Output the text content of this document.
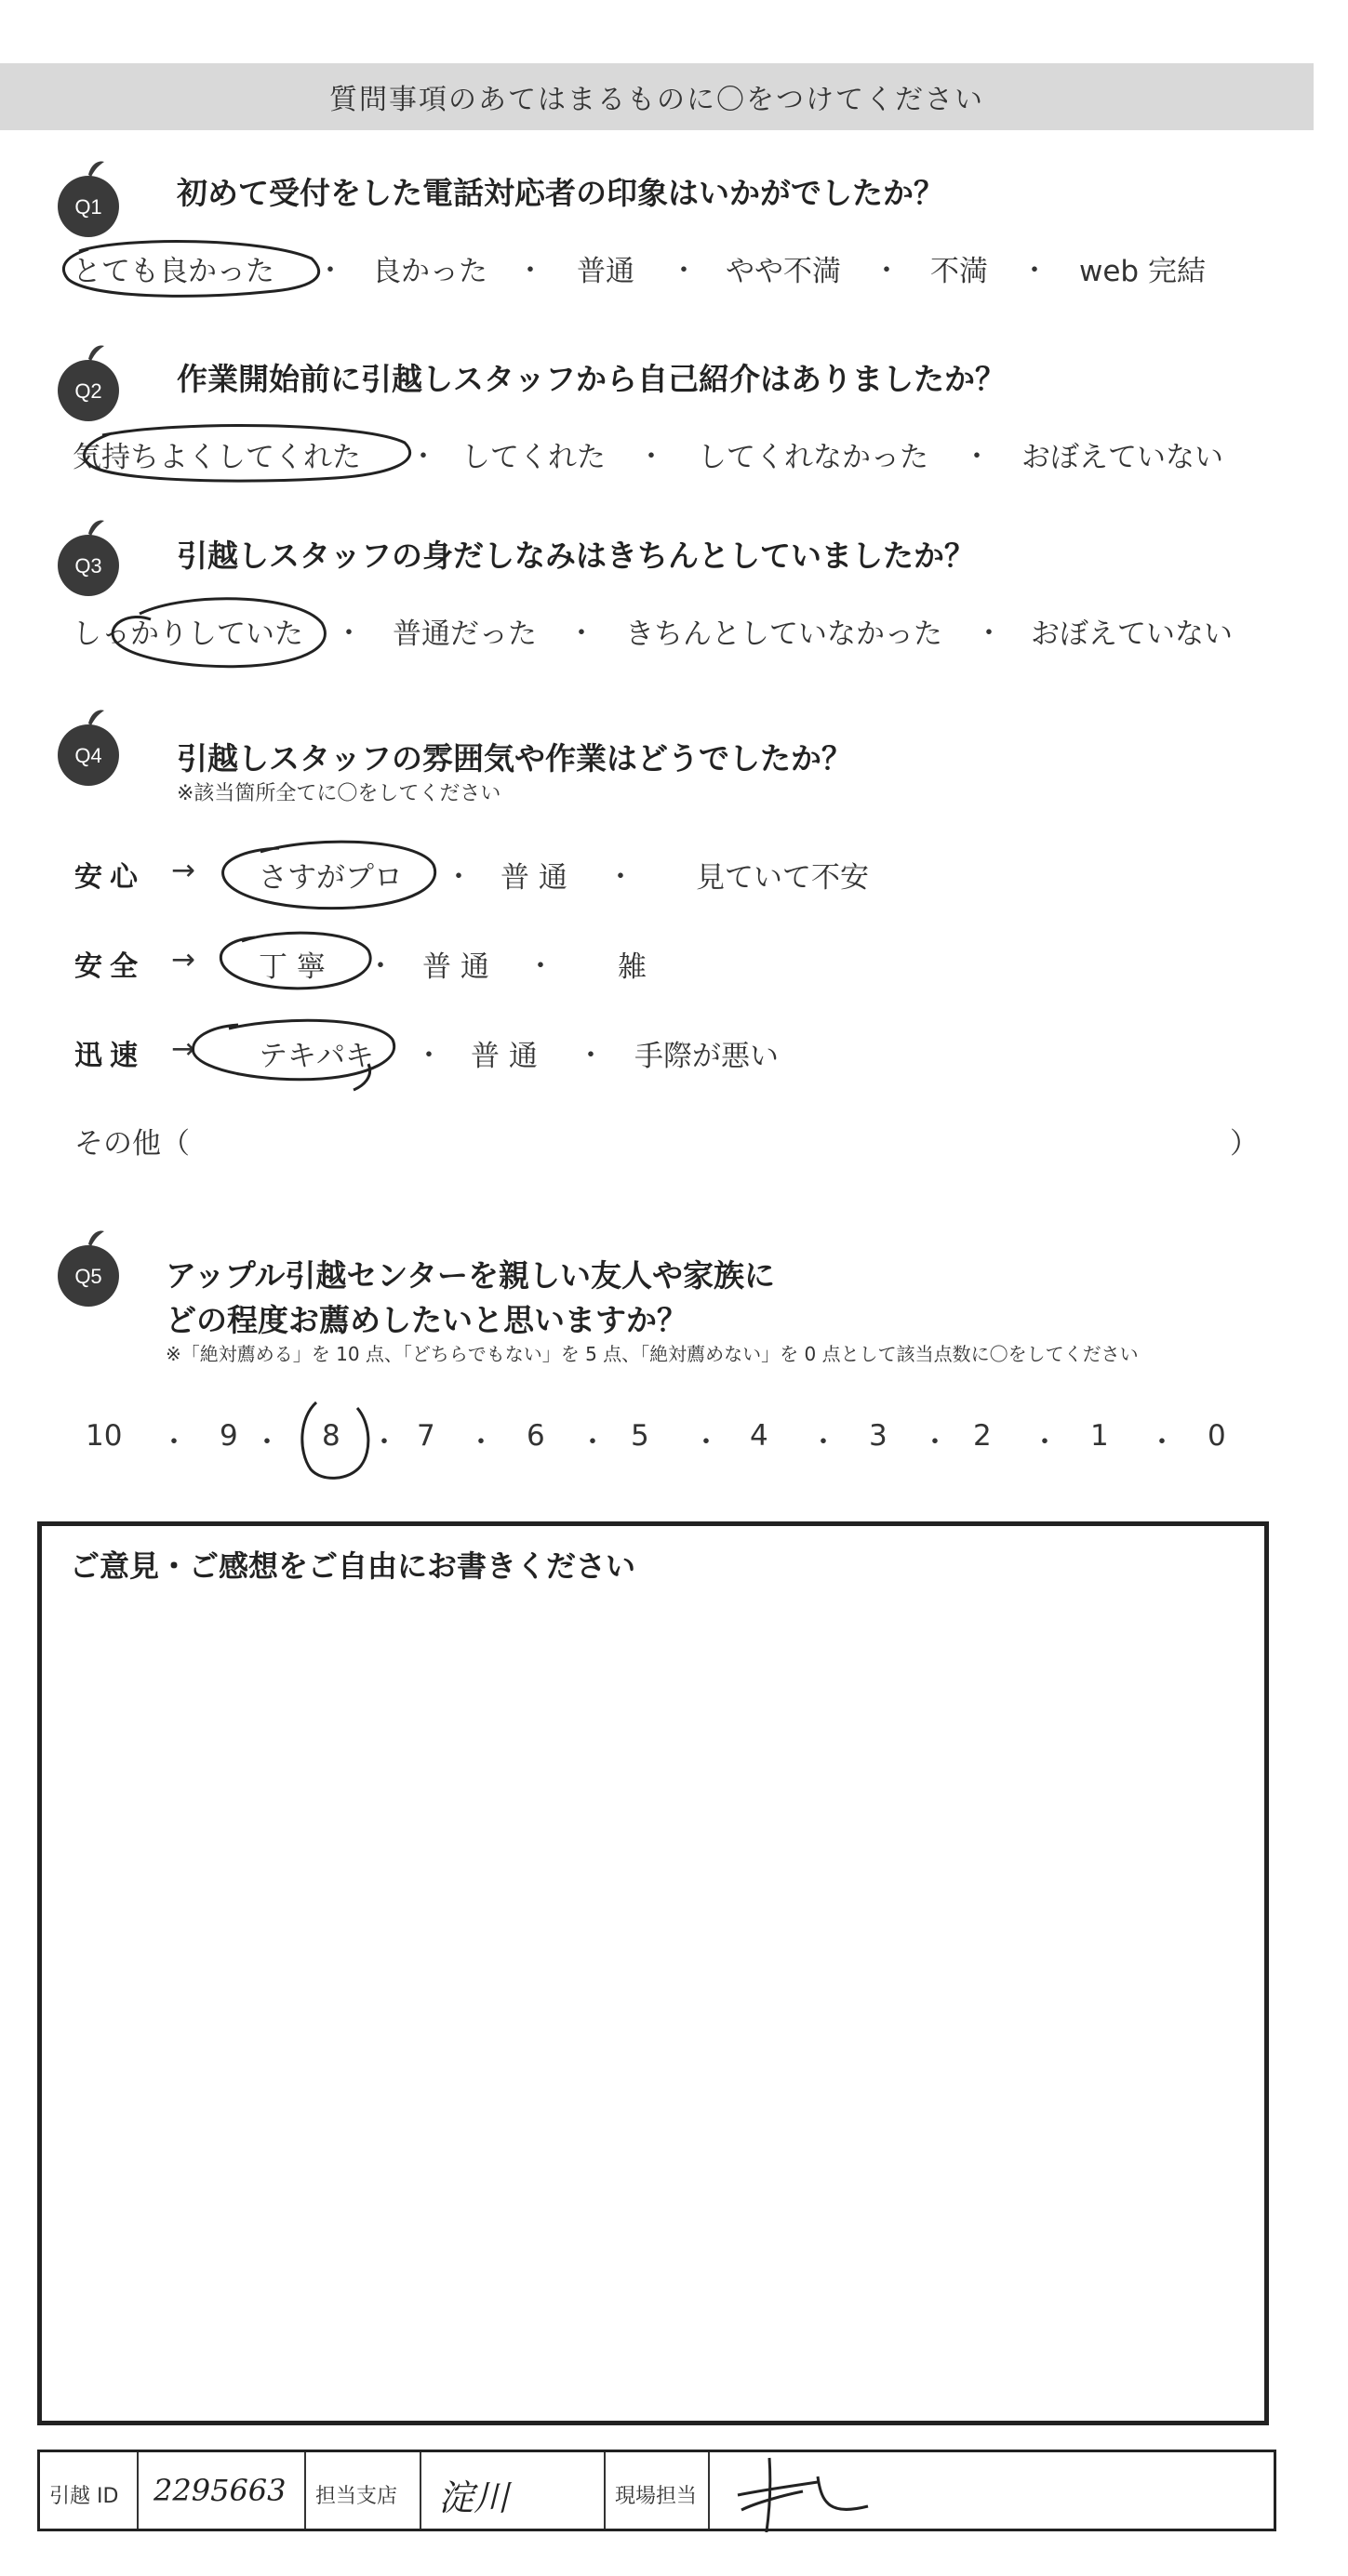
質問事項のあてはまるものに〇をつけてください
Q1 初めて受付をした電話対応者の印象はいかがでしたか？
とても良かった ・ 良かった ・ 普通 ・ やや不満 ・ 不満 ・ web 完結
Q2 作業開始前に引越しスタッフから自己紹介はありましたか？
気持ちよくしてくれた ・ してくれた ・ してくれなかった ・ おぼえていない
Q3 引越しスタッフの身だしなみはきちんとしていましたか？
しっかりしていた ・ 普通だった ・ きちんとしていなかった ・ おぼえていない
Q4 引越しスタッフの雰囲気や作業はどうでしたか？
※該当箇所全てに〇をしてください
安心 → さすがプロ ・ 普 通 ・ 見ていて不安
安全 → 丁 寧 ・ 普 通 ・ 雑
迅速 → テキパキ ・ 普 通 ・ 手際が悪い
その他（	）
Q5 アップル引越センターを親しい友人や家族に
どの程度お薦めしたいと思いますか？
※「絶対薦める」を 10 点、「どちらでもない」を 5 点、「絶対薦めない」を 0 点として該当点数に〇をしてください
10 ・ 9 ・ 8 ・ 7 ・ 6 ・ 5 ・ 4 ・ 3 ・ 2 ・ 1 ・ 0
ご意見・ご感想をご自由にお書きください
引越 ID 2295663 担当支店 淀川	現場担当
